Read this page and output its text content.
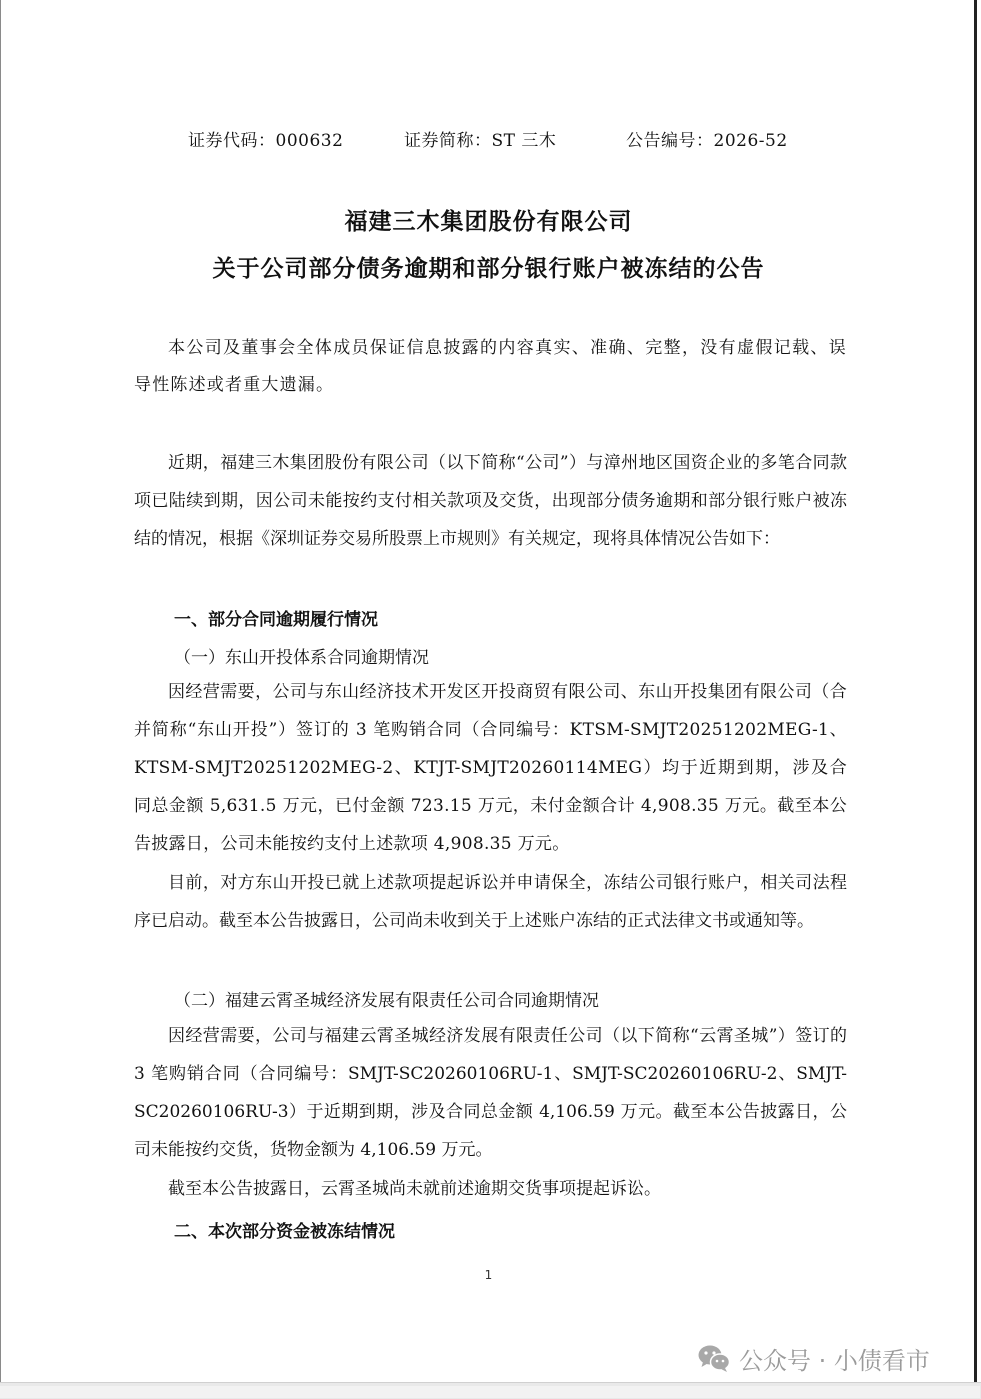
证券代码：000632	证券简称：ST 三木	公告编号：2026-52
福建三木集团股份有限公司
关于公司部分债务逾期和部分银行账户被冻结的公告

本公司及董事会全体成员保证信息披露的内容真实、准确、完整，没有虚假记载、误导性陈述或者重大遗漏。

近期，福建三木集团股份有限公司（以下简称“公司”）与漳州地区国资企业的多笔合同款项已陆续到期，因公司未能按约支付相关款项及交货，出现部分债务逾期和部分银行账户被冻结的情况，根据《深圳证券交易所股票上市规则》有关规定，现将具体情况公告如下：

一、部分合同逾期履行情况

（一）东山开投体系合同逾期情况

因经营需要，公司与东山经济技术开发区开投商贸有限公司、东山开投集团有限公司（合并简称“东山开投”）签订的 3 笔购销合同（合同编号：KTSM-SMJT20251202MEG-1、KTSM-SMJT20251202MEG-2、KTJT-SMJT20260114MEG）均于近期到期，涉及合同总金额 5,631.5 万元，已付金额 723.15 万元，未付金额合计 4,908.35 万元。截至本公告披露日，公司未能按约支付上述款项 4,908.35 万元。

目前，对方东山开投已就上述款项提起诉讼并申请保全，冻结公司银行账户，相关司法程序已启动。截至本公告披露日，公司尚未收到关于上述账户冻结的正式法律文书或通知等。

（二）福建云霄圣城经济发展有限责任公司合同逾期情况

因经营需要，公司与福建云霄圣城经济发展有限责任公司（以下简称“云霄圣城”）签订的 3 笔购销合同（合同编号：SMJT-SC20260106RU-1、SMJT-SC20260106RU-2、SMJT-SC20260106RU-3）于近期到期，涉及合同总金额 4,106.59 万元。截至本公告披露日，公司未能按约交货，货物金额为 4,106.59 万元。

截至本公告披露日，云霄圣城尚未就前述逾期交货事项提起诉讼。

二、本次部分资金被冻结情况

1
公众号 · 小债看市
